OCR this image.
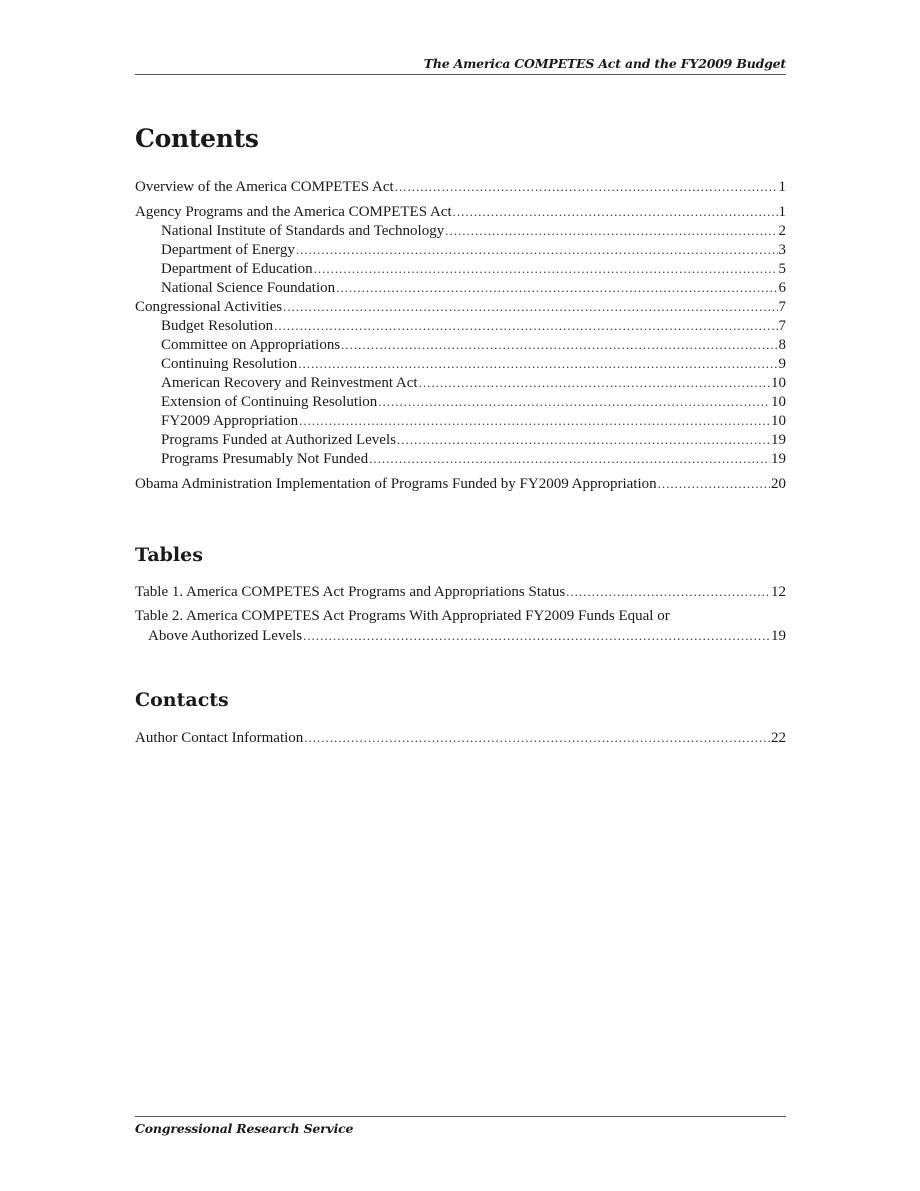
The America COMPETES Act and the FY2009 Budget
Contents
Overview of the America COMPETES Act .....	1
Agency Programs and the America COMPETES Act .....	1
National Institute of Standards and Technology .....	2
Department of Energy .....	3
Department of Education .....	5
National Science Foundation .....	6
Congressional Activities .....	7
Budget Resolution .....	7
Committee on Appropriations .....	8
Continuing Resolution .....	9
American Recovery and Reinvestment Act .....	10
Extension of Continuing Resolution .....	10
FY2009 Appropriation .....	10
Programs Funded at Authorized Levels .....	19
Programs Presumably Not Funded .....	19
Obama Administration Implementation of Programs Funded by FY2009 Appropriation .....	20
Tables
Table 1. America COMPETES Act Programs and Appropriations Status .....	12
Table 2. America COMPETES Act Programs With Appropriated FY2009 Funds Equal or
Above Authorized Levels .....	19
Contacts
Author Contact Information .....	22
Congressional Research Service
